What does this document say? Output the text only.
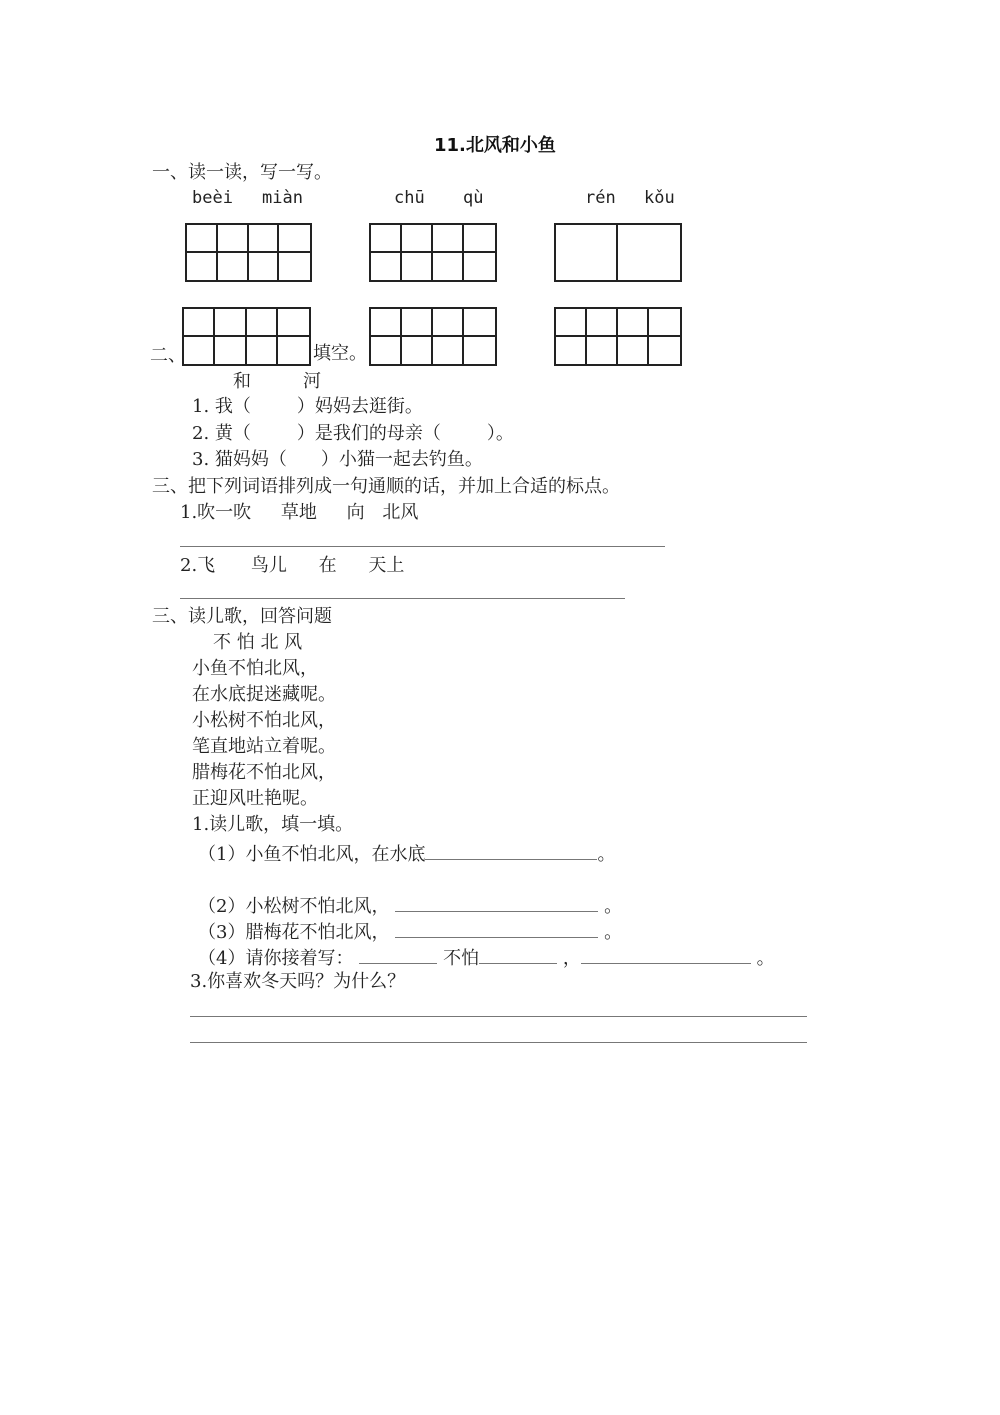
11.北风和小鱼
一、读一读，写一写。
beèi miàn	chū qù	rén kǒu
二、	填空。
和	河
1. 我（	）妈妈去逛街。
2. 黄（	）是我们的母亲（	）。
3. 猫妈妈（ ）小猫一起去钓鱼。
三、把下列词语排列成一句通顺的话，并加上合适的标点。
1.吹一吹 草地 向 北风
2.飞 鸟儿 在 天上
三、读儿歌，回答问题
不 怕 北 风
小鱼不怕北风，
在水底捉迷藏呢。
小松树不怕北风，
笔直地站立着呢。
腊梅花不怕北风，
正迎风吐艳呢。
1.读儿歌，填一填。
（1）小鱼不怕北风，在水底	。
（2）小松树不怕北风，	。
（3）腊梅花不怕北风，	。
（4）请你接着写：	不怕	，	。
3.你喜欢冬天吗？为什么？
